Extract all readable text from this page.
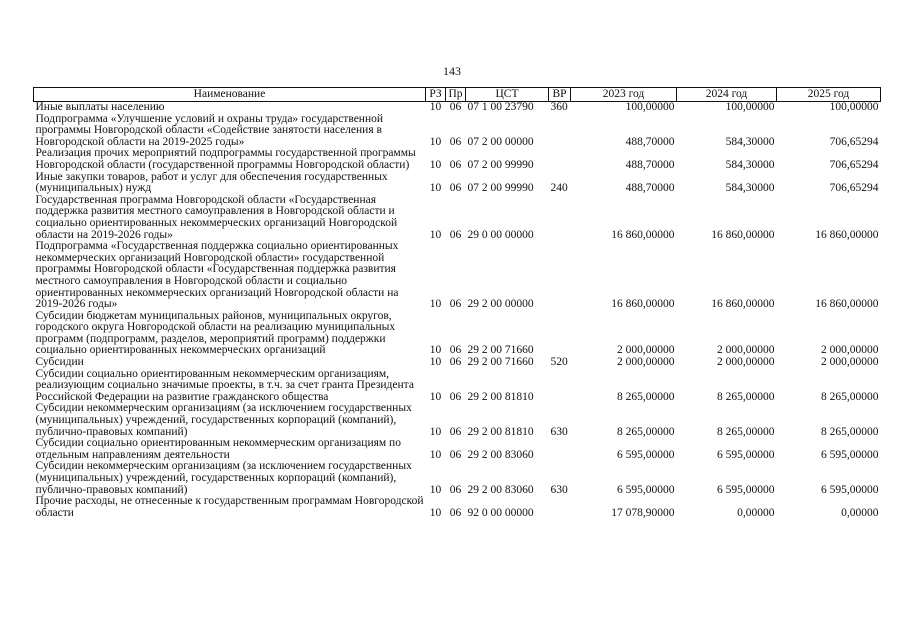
143
Наименование	РЗ	Пр	ЦСТ	ВР	2023 год	2024 год	2025 год
Иные выплаты населению	10	06	07 1 00 23790	360	100,00000	100,00000	100,00000
Подпрограмма «Улучшение условий и охраны труда» государственной программы Новгородской области «Содействие занятости населения в Новгородской области на 2019-2025 годы»	10	06	07 2 00 00000		488,70000	584,30000	706,65294
Реализация прочих мероприятий подпрограммы государственной программы Новгородской области (государственной программы Новгородской области)	10	06	07 2 00 99990		488,70000	584,30000	706,65294
Иные закупки товаров, работ и услуг для обеспечения государственных (муниципальных) нужд	10	06	07 2 00 99990	240	488,70000	584,30000	706,65294
Государственная программа Новгородской области «Государственная поддержка развития местного самоуправления в Новгородской области и социально ориентированных некоммерческих организаций Новгородской области на 2019-2026 годы»	10	06	29 0 00 00000		16 860,00000	16 860,00000	16 860,00000
Подпрограмма «Государственная поддержка социально ориентированных некоммерческих организаций Новгородской области» государственной программы Новгородской области «Государственная поддержка развития местного самоуправления в Новгородской области и социально ориентированных некоммерческих организаций Новгородской области на 2019-2026 годы»	10	06	29 2 00 00000		16 860,00000	16 860,00000	16 860,00000
Субсидии бюджетам муниципальных районов, муниципальных округов, городского округа Новгородской области на реализацию муниципальных программ (подпрограмм, разделов, мероприятий программ) поддержки социально ориентированных некоммерческих организаций	10	06	29 2 00 71660		2 000,00000	2 000,00000	2 000,00000
Субсидии	10	06	29 2 00 71660	520	2 000,00000	2 000,00000	2 000,00000
Субсидии социально ориентированным некоммерческим организациям, реализующим социально значимые проекты, в т.ч. за счет гранта Президента Российской Федерации на развитие гражданского общества	10	06	29 2 00 81810		8 265,00000	8 265,00000	8 265,00000
Субсидии некоммерческим организациям (за исключением государственных (муниципальных) учреждений, государственных корпораций (компаний), публично-правовых компаний)	10	06	29 2 00 81810	630	8 265,00000	8 265,00000	8 265,00000
Субсидии социально ориентированным некоммерческим организациям по отдельным направлениям деятельности	10	06	29 2 00 83060		6 595,00000	6 595,00000	6 595,00000
Субсидии некоммерческим организациям (за исключением государственных (муниципальных) учреждений, государственных корпораций (компаний), публично-правовых компаний)	10	06	29 2 00 83060	630	6 595,00000	6 595,00000	6 595,00000
Прочие расходы, не отнесенные к государственным программам Новгородской области	10	06	92 0 00 00000		17 078,90000	0,00000	0,00000
